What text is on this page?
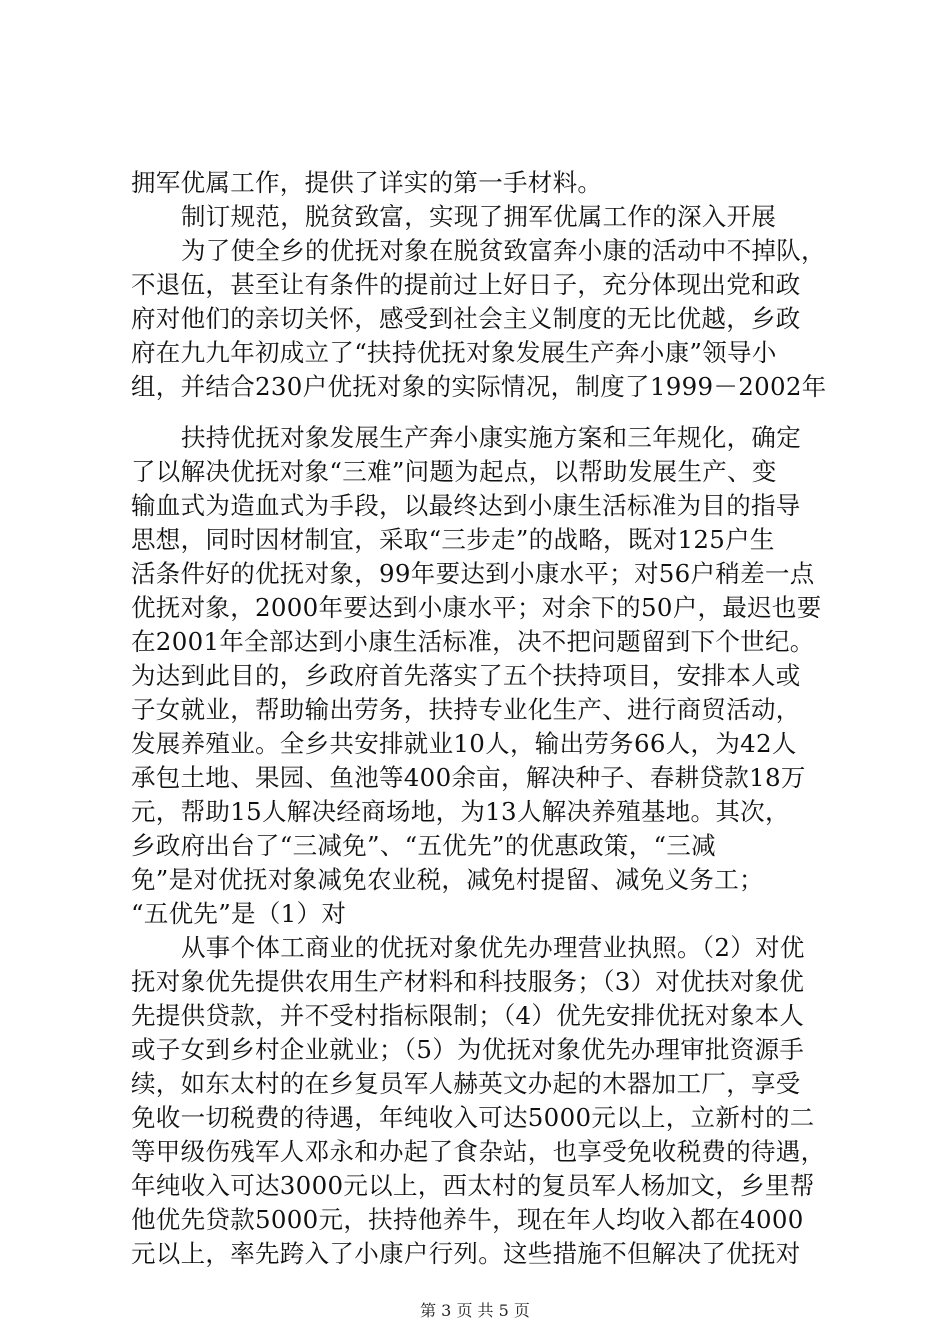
拥军优属工作，提供了详实的第一手材料。
制订规范，脱贫致富，实现了拥军优属工作的深入开展
为了使全乡的优抚对象在脱贫致富奔小康的活动中不掉队，
不退伍，甚至让有条件的提前过上好日子，充分体现出党和政
府对他们的亲切关怀，感受到社会主义制度的无比优越，乡政
府在九九年初成立了“扶持优抚对象发展生产奔小康”领导小
组，并结合230户优抚对象的实际情况，制度了1999－2002年
扶持优抚对象发展生产奔小康实施方案和三年规化，确定
了以解决优抚对象“三难”问题为起点，以帮助发展生产、变
输血式为造血式为手段，以最终达到小康生活标准为目的指导
思想，同时因材制宜，采取“三步走”的战略，既对125户生
活条件好的优抚对象，99年要达到小康水平；对56户稍差一点
优抚对象，2000年要达到小康水平；对余下的50户，最迟也要
在2001年全部达到小康生活标准，决不把问题留到下个世纪。
为达到此目的，乡政府首先落实了五个扶持项目，安排本人或
子女就业，帮助输出劳务，扶持专业化生产、进行商贸活动，
发展养殖业。全乡共安排就业10人，输出劳务66人，为42人
承包土地、果园、鱼池等400余亩，解决种子、春耕贷款18万
元，帮助15人解决经商场地，为13人解决养殖基地。其次，
乡政府出台了“三减免”、“五优先”的优惠政策，“三减
免”是对优抚对象减免农业税，减免村提留、减免义务工；
“五优先”是（1）对
从事个体工商业的优抚对象优先办理营业执照。（2）对优
抚对象优先提供农用生产材料和科技服务；（3）对优扶对象优
先提供贷款，并不受村指标限制；（4）优先安排优抚对象本人
或子女到乡村企业就业；（5）为优抚对象优先办理审批资源手
续，如东太村的在乡复员军人赫英文办起的木器加工厂，享受
免收一切税费的待遇，年纯收入可达5000元以上，立新村的二
等甲级伤残军人邓永和办起了食杂站，也享受免收税费的待遇，
年纯收入可达3000元以上，西太村的复员军人杨加文，乡里帮
他优先贷款5000元，扶持他养牛，现在年人均收入都在4000
元以上，率先跨入了小康户行列。这些措施不但解决了优抚对
第 3 页 共 5 页
